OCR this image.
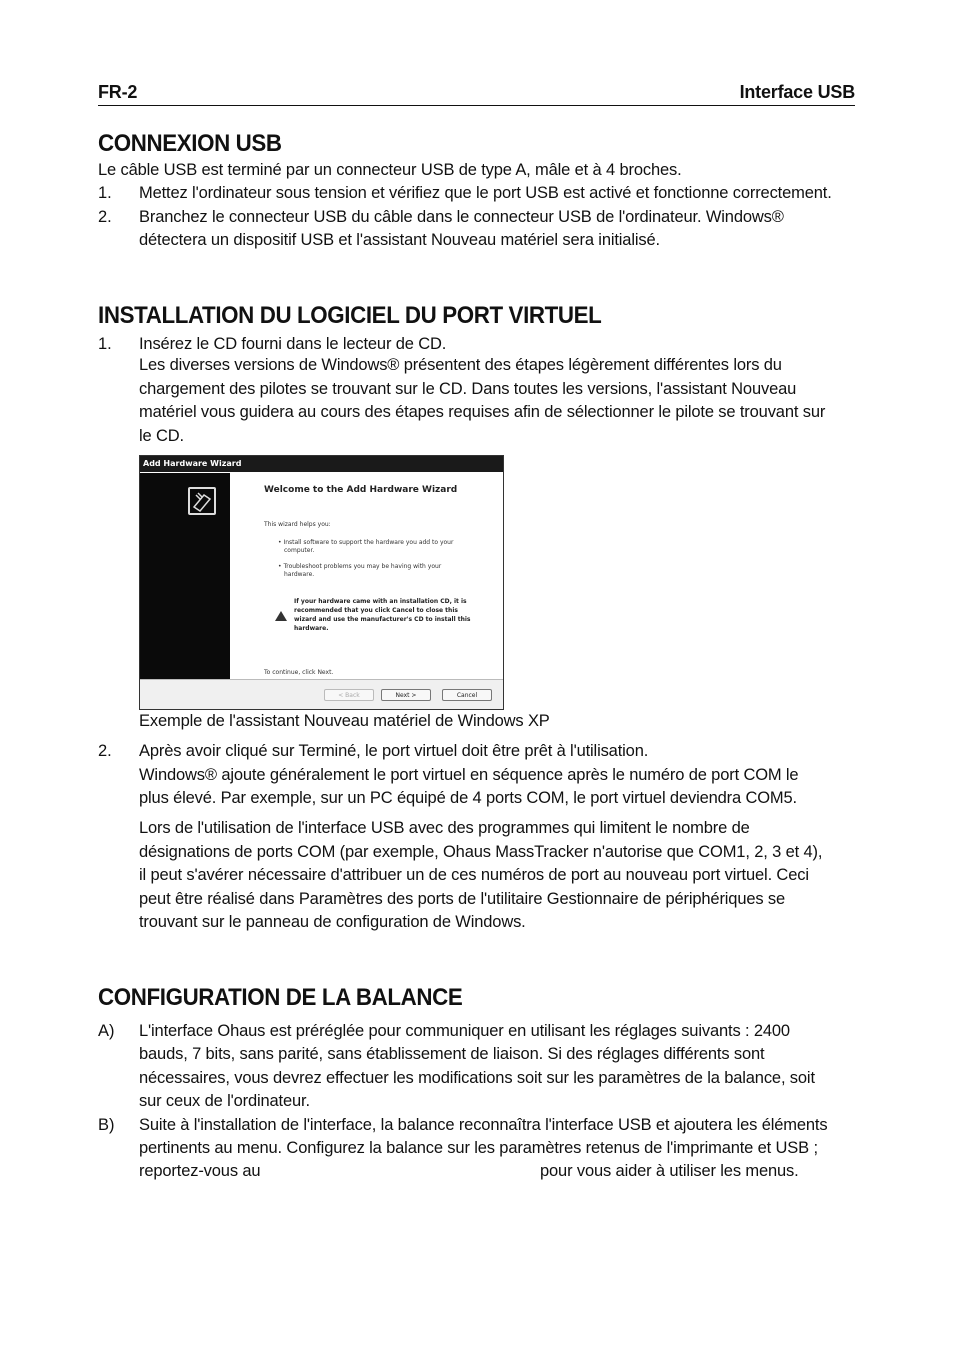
FR-2	Interface USB
CONNEXION USB
Le câble USB est terminé par un connecteur USB de type A, mâle et à 4 broches.
1. Mettez l'ordinateur sous tension et vérifiez que le port USB est activé et fonctionne correctement.
2. Branchez le connecteur USB du câble dans le connecteur USB de l'ordinateur. Windows®
détectera un dispositif USB et l'assistant Nouveau matériel sera initialisé.
INSTALLATION DU LOGICIEL DU PORT VIRTUEL
1. Insérez le CD fourni dans le lecteur de CD.
Les diverses versions de Windows® présentent des étapes légèrement différentes lors du
chargement des pilotes se trouvant sur le CD. Dans toutes les versions, l'assistant Nouveau
matériel vous guidera au cours des étapes requises afin de sélectionner le pilote se trouvant sur
le CD.
Add Hardware Wizard
Welcome to the Add Hardware Wizard
This wizard helps you:
• Install software to support the hardware you add to your
computer.
• Troubleshoot problems you may be having with your
hardware.
If your hardware came with an installation CD, it is
recommended that you click Cancel to close this
wizard and use the manufacturer's CD to install this
hardware.
To continue, click Next.
< Back	Next >	Cancel
Exemple de l'assistant Nouveau matériel de Windows XP
2. Après avoir cliqué sur Terminé, le port virtuel doit être prêt à l'utilisation.
Windows® ajoute généralement le port virtuel en séquence après le numéro de port COM le
plus élevé. Par exemple, sur un PC équipé de 4 ports COM, le port virtuel deviendra COM5.
Lors de l'utilisation de l'interface USB avec des programmes qui limitent le nombre de
désignations de ports COM (par exemple, Ohaus MassTracker n'autorise que COM1, 2, 3 et 4),
il peut s'avérer nécessaire d'attribuer un de ces numéros de port au nouveau port virtuel. Ceci
peut être réalisé dans Paramètres des ports de l'utilitaire Gestionnaire de périphériques se
trouvant sur le panneau de configuration de Windows.
CONFIGURATION DE LA BALANCE
A) L'interface Ohaus est préréglée pour communiquer en utilisant les réglages suivants : 2400
bauds, 7 bits, sans parité, sans établissement de liaison. Si des réglages différents sont
nécessaires, vous devrez effectuer les modifications soit sur les paramètres de la balance, soit
sur ceux de l'ordinateur.
B) Suite à l'installation de l'interface, la balance reconnaîtra l'interface USB et ajoutera les éléments
pertinents au menu. Configurez la balance sur les paramètres retenus de l'imprimante et USB ;
reportez-vous au	pour vous aider à utiliser les menus.
